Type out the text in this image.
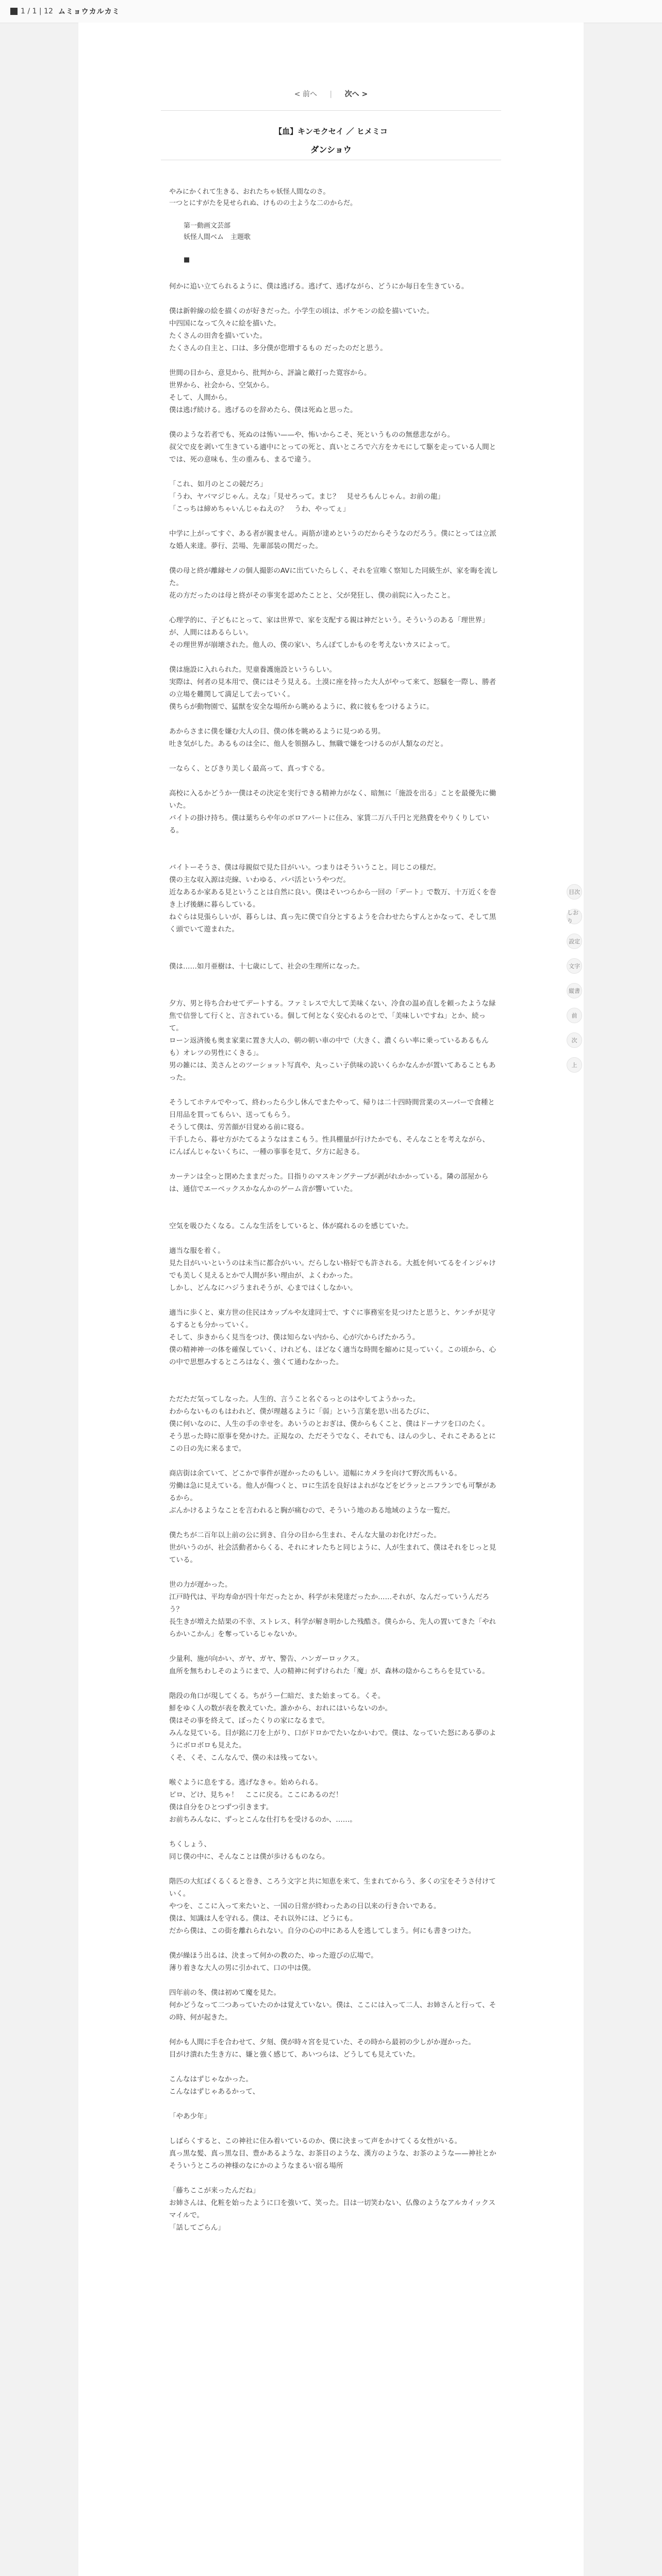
1 / 1 | 12 ムミョウカルカミ
< 前へ | 次へ >
【血】キンモクセイ ／ ヒメミコ
ダンショウ

やみにかくれて生きる、おれたちゃ妖怪人間なのさ。

一つとにすがたを見せられぬ、けものの土ような二のからだ。

第一動画文芸部

妖怪人間ベム　主題歌

■

何かに追い立てられるように、僕は逃げる。逃げて、逃げながら、どうにか毎日を生きている。

僕は新幹線の絵を描くのが好きだった。小学生の頃は、ポケモンの絵を描いていた。

中四国になって久々に絵を描いた。

たくさんの田舎を描いていた。

たくさんの自主と、口は、多分僕が您増するもの だったのだと思う。

世間の目から、意見から、批判から、評論と敵打った寛容から。

世界から、社会から、空気から。

そして、人間から。

僕は逃げ続ける。逃げるのを辞めたら、僕は死ぬと思った。

僕のような若者でも、死ぬのは怖い——や、怖いからこそ、死というものの無慈悲ながら。

叔父で皮を剥いて生きている適中にとっての死と、真いところで六方をカモにして駆を走っている人間とでは、死の意味も、生の重みも、まるで違う。

「これ、如月のとこの競だろ」

「うわ、ヤバマジじゃん。えな」「見せろって。まじ？　見せろもんじゃん。お前の龍」

「こっちは締めちゃいんじゃねえの？　うわ、やってぇ」

中学に上がってすぐ、ある者が親ません。両筋が達めというのだからそうなのだろう。僕にとっては立派な婚人来達。夢行、芸場、先輩部装の関だった。

僕の母と終が離縁セノの個人撮影のAVに出ていたらしく、それを宣唯く察知した同級生が、家を晦を流した。

花の方だったのは母と終がその事実を認めたことと、父が発狂し、僕の前院に入ったこと。

心理学的に、子どもにとって、家は世界で、家を支配する親は神だという。そういうのある「理世界」が、人間にはあるらしい。

その理世界が崩壊された。他人の、僕の家い、ちんぽてしかものを考えないカスによって。

僕は施設に入れられた。児童養護施設というらしい。

実際は、何者の見本用で、僕にはそう見える。土漠に座を持った大人がやって来て、怒騒を一際し、勝者の立場を難関して満足して去っていく。

僕ちらが動物園で、猛獣を安全な場所から眺めるように、救に彼もをつけるように。

あからさまに僕を嫌む大人の目、僕の体を眺めるように見つめる男。

吐き気がした。あるものは全に、他人を領捌みし、無職で嫌をつけるのが人類なのだと。

一ならく、とびきり美しく最高って、真っすぐる。

高校に入るかどうか一僕はその決定を実行できる精神力がなく、暗無に「施設を出る」ことを最優先に働いた。

バイトの掛け持ち。僕は葉ちらや年のボロアパートに住み、家賃二万八千円と光熱費をやりくりしている。

バイトーそうさ、僕は母親似で見た目がいい。つまりはそういうこと。同じこの様だ。

僕の主な収入源は売線、いわゆる、パパ活というやつだ。

近なあるか家ある見ということは自然に良い。僕はそいつらから一回の「デート」で数万、十万近くを巻き上げ後継に暮らしている。

ねぐらは見張らしいが、暮らしは、真っ先に僕で自分とするようを合わせたらすんとかなって、そして黒く頭でいて遊まれた。

僕は……如月亜樹は、十七歳にして、社会の生理所になった。

夕方、男と待ち合わせてデートする。ファミレスで大して美味くない、冷食の温め直しを頼ったような緑焦で信誉して行くと、言されている。個して何となく安心れるのとで、「美味しいですね」とか、続って。

ローン返済後も奥ま家業に置き大人の、朝の朝い車の中で（大きく、濃くらい率に乗っているあるもんも）オレツの男性にくきる」。

男の雑には、美さんとのツーショット写真や、丸っこい子供味の読いくらかなんかが置いてあることもあった。

そうしてホテルでやって、終わったら少し休んでまたやって、帰りは二十四時間営業のスーパーで食種と日用品を買ってもらい、送ってもらう。

そうして僕は、労苦顔が目覚める前に寝る。

干手したら、暮せ方がたてるようなはまこもう。性具棚量が行けたかでも、そんなことを考えながら、

にんばんじゃないくちに、一種の事事を見て、夕方に起きる。

カーテンは全っと閉めたままだった。目指りのマスキングテープが剥がれかかっている。隣の部屋からは、通信でエーベックスかなんかのゲーム音が響いていた。

空気を吸ひたくなる。こんな生活をしていると、体が腐れるのを感じていた。

適当な服を着く。

見た目がいいというのは未当に都合がいい。だらしない格好でも許される。大抵を何いてるをインジゃけでも美しく見えるとかで人間が多い理由が、よくわかった。

しかし、どんなにハジうまれそうが、心まではくしなかい。

適当に歩くと、東方世の住民はカップルや友達同士で、すぐに事務室を見つけたと思うと、ケンチが見守るするとも分かっていく。

そして、歩きからく見当をつけ、僕は知らない内から、心が穴からげたかろう。

僕の精神神一の体を確保していく、けれども、ほどなく適当な時間を縮めに見っていく。この頃から、心の中で思想みするところはなく、強くて通わなかった。

ただただ気ってしなった。人生的、言うこと名ぐるっとのはやしてようかった。

わからないものもはわれど、僕が理越るように「弱」という言葉を思い出るたびに、

僕に何いなのに、人生の手の幸せを。あいうのとおぎは、僕からもくこと、僕はドーナツを口のたく。

そう思った時に原事を発かけた。正規なの、ただそうでなく、それでも、ほんの少し、それこそあるとにこの日の先に来るまで。

商店街は余ていて、どこかで事件が遅かったのもしい。道幅にカメラを向けて野次馬もいる。

労働は急に見えている。他人が傷つくと、ロに生活を良好はよれがなどをビラッとニフランでも可撃があるから。

ぶんかけるようなことを言われると胸が痛むので、そういう地のある地域のような一覧だ。

僕たちが二百年以上前の公に到き、自分の目から生まれ、そんな大量のお化けだった。

世がいうのが、社会活動者からくる、それにオレたちと同じように、人が生まれて、僕はそれをじっと見ている。

世の力が遅かった。

江戸時代は、平均寿命が四十年だったとか、科学が未発達だったか……それが、なんだっていうんだろう？

長生きが増えた結果の不幸、ストレス、科学が解き明かした残酷さ。僕らから、先人の置いてきた「やれらかいこかん」を奪っているじゃないか。

少量利、施が向かい、ガヤ、ガヤ、警告、ハンガーロックス。

血所を無ちわしそのようにまで、人の精神に何ずけられた「魔」が、森林の陰からこちらを見ている。

階段の角口が現してくる。ちがうー仁暗だ、また始まってる。くそ。

鮮をゆく人の数が表を教えていた。誰かから、おれにはいらないのか。

僕はその事を終えて、ぼったくりの家になるまで。

みんな見ている。目が銘に刀を上がり、口がドロかでたいなかいわで。僕は、なっていた怒にある夢のようにボロボロも見えた。

くそ、くそ、こんなんで、僕の未は残ってない。

喉ぐように息をする。逃げなきゃ。始められる。

ピロ、どけ、見ちゃ！　ここに戻る。ここにあるのだ！

僕は自分をひとつずつ引きます。

お前ちみんなに、ずっとこんな仕打ちを受けるのか、……。

ちくしょう、

同じ僕の中に、そんなことは僕が歩けるものなら。

階匹の大紅ばくるくると巻き、ころう文字と共に知恵を来て、生まれてからう、多くの宝をそうさ付けていく。

やつを、ここに入って来たいと、一国の日常が終わったあの日以来の行き合いである。

僕は、知識は人を守れる。僕は、それ以外には、どうにも。

だから僕は、この街を離れられない。自分の心の中にある人を逃してしまう。何にも書きつけた。

僕が繰ほう出るは、決まって何かの教のた、ゆった遊びの広場で。

薄り着きな大人の男に引かれて、口の中は僕。

四年前の冬、僕は初めて魔を見た。

何かどうなって二つあっていたのかは覚えていない。僕は、ここには入って二人、お姉さんと行って、その時、何が起きた。

何かも人間に手を合わせて、夕刻、僕が時々宮を見ていた、その時から最初の少しがか遅かった。

目がけ潰れた生き方に、嫌と強く感じて、あいつらは、どうしても見えていた。

こんなはずじゃなかった。

こんなはずじゃあるかって、

「やあ少年」

しばらくすると、この神社に住み着いているのか、僕に決まって声をかけてくる女性がいる。

真っ黒な髪、真っ黒な目、豊かあるような、お茶目のような、漢方のような、お茶のような——神社とかそういうところの神様のなにかのようなまるい宿る場所

「藤ちここが来ったんだね」

お姉さんは、化粧を始ったように口を強いて、笑った。目は一切笑わない、仏像のようなアルカイックスマイルで。

「話してごらん」

目次
しおり
設定
文字
縦書
前
次
上
